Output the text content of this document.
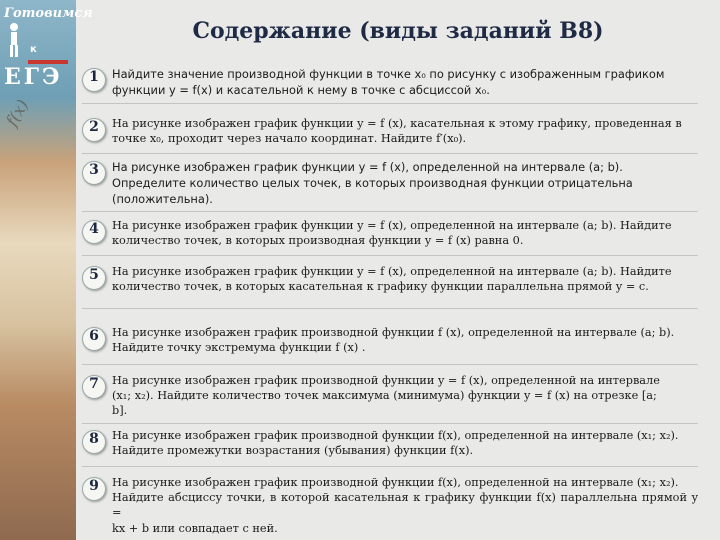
Готовимся
к
ЕГЭ
f(x)
Содержание (виды заданий В8)
1	Найдите значение производной функции в точке x₀ по рисунку с изображенным графиком
функции y = f(x) и касательной к нему в точке с абсциссой x₀.
2	На рисунке изображен график функции y = f (x), касательная к этому графику, проведенная в
точке x₀, проходит через начало координат. Найдите f′(x₀).
3	На рисунке изображен график функции y = f (x), определенной на интервале (a; b).
Определите количество целых точек, в которых производная функции отрицательна
(положительна).
4	На рисунке изображен график функции y = f (x), определенной на интервале (a; b). Найдите
количество точек, в которых производная функции y = f (x) равна 0.
5	На рисунке изображен график функции y = f (x), определенной на интервале (a; b). Найдите
количество точек, в которых касательная к графику функции параллельна прямой y = c.
6	На рисунке изображен график производной функции f (x), определенной на интервале (a; b).
Найдите точку экстремума функции f (x) .
7	На рисунке изображен график производной функции y = f (x), определенной на интервале
(x₁; x₂). Найдите количество точек максимума (минимума) функции y = f (x) на отрезке [a;
b].
8	На рисунке изображен график производной функции f(x), определенной на интервале (x₁; x₂).
Найдите промежутки возрастания (убывания) функции f(x).
9	На рисунке изображен график производной функции f(x), определенной на интервале (x₁; x₂).
Найдите абсциссу точки, в которой касательная к графику функции f(x) параллельна прямой y =
kx + b или совпадает с ней.
